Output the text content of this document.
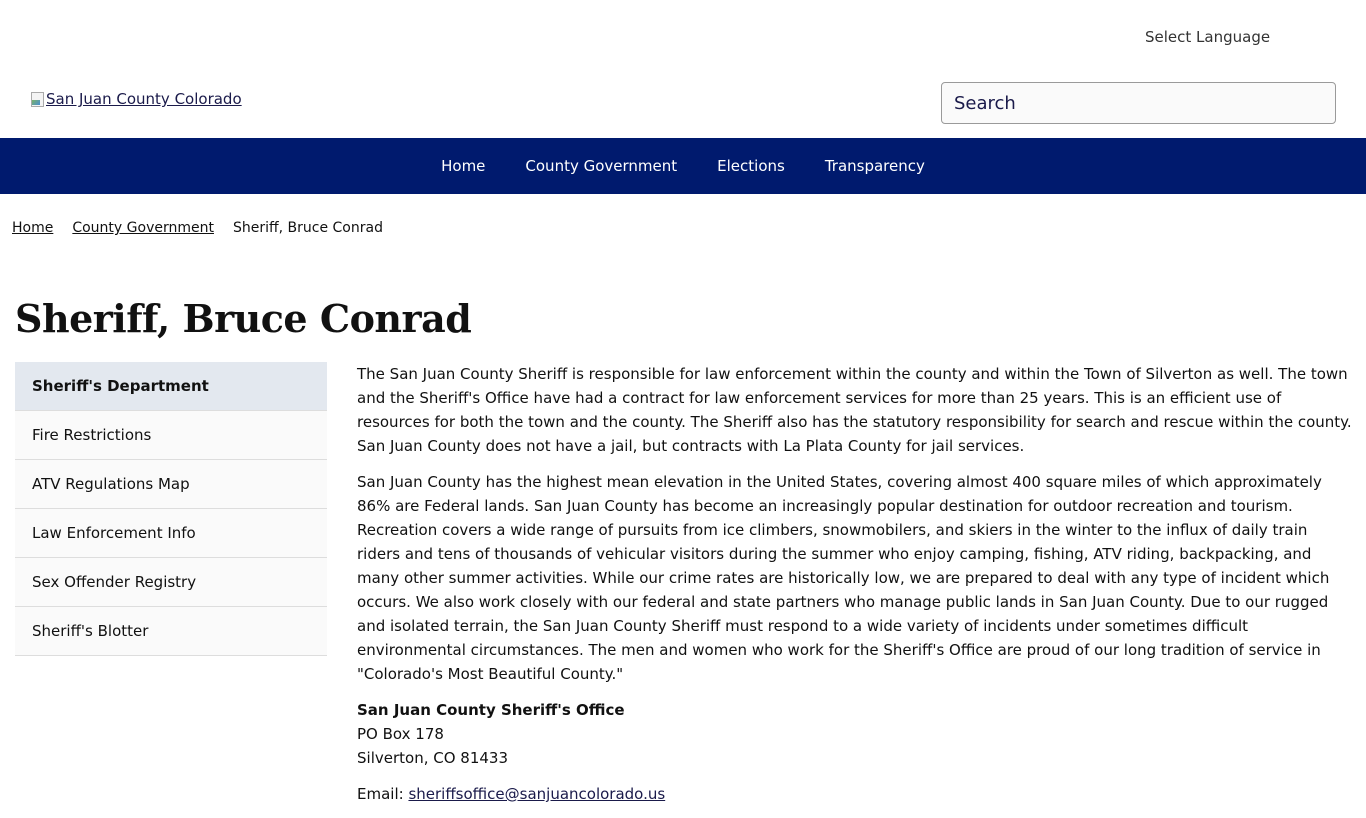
Select Language
San Juan County Colorado	Search
Home	County Government	Elections	Transparency
Home County Government Sheriff, Bruce Conrad
Sheriff, Bruce Conrad
Sheriff's Department
Fire Restrictions
ATV Regulations Map
Law Enforcement Info
Sex Offender Registry
Sheriff's Blotter

The San Juan County Sheriff is responsible for law enforcement within the county and within the Town of Silverton as well. The town and the Sheriff's Office have had a contract for law enforcement services for more than 25 years. This is an efficient use of resources for both the town and the county. The Sheriff also has the statutory responsibility for search and rescue within the county. San Juan County does not have a jail, but contracts with La Plata County for jail services.

San Juan County has the highest mean elevation in the United States, covering almost 400 square miles of which approximately 86% are Federal lands. San Juan County has become an increasingly popular destination for outdoor recreation and tourism. Recreation covers a wide range of pursuits from ice climbers, snowmobilers, and skiers in the winter to the influx of daily train riders and tens of thousands of vehicular visitors during the summer who enjoy camping, fishing, ATV riding, backpacking, and many other summer activities. While our crime rates are historically low, we are prepared to deal with any type of incident which occurs. We also work closely with our federal and state partners who manage public lands in San Juan County. Due to our rugged and isolated terrain, the San Juan County Sheriff must respond to a wide variety of incidents under sometimes difficult environmental circumstances. The men and women who work for the Sheriff's Office are proud of our long tradition of service in "Colorado's Most Beautiful County."

San Juan County Sheriff's Office
PO Box 178
Silverton, CO 81433

Email: sheriffsoffice@sanjuancolorado.us
